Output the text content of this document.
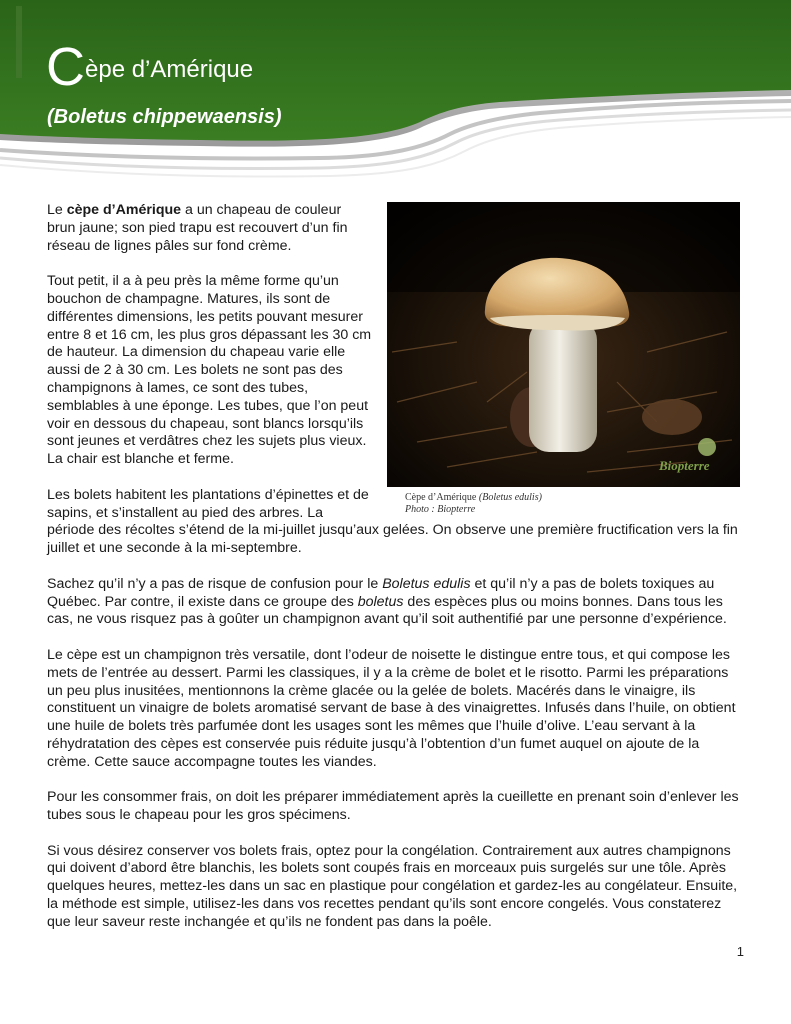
Cèpe d’Amérique

(Boletus chippewaensis)

Biopterre
Cèpe d’Amérique (Boletus edulis)
Photo : Biopterre

Le cèpe d’Amérique a un chapeau de couleur brun jaune; son pied trapu est recouvert d’un fin réseau de lignes pâles sur fond crème.

Tout petit, il a à peu près la même forme qu’un bouchon de champagne. Matures, ils sont de différentes dimensions, les petits pouvant mesurer entre 8 et 16 cm, les plus gros dépassant les 30 cm de hauteur. La dimension du chapeau varie elle aussi de 2 à 30 cm. Les bolets ne sont pas des champignons à lames, ce sont des tubes, semblables à une éponge. Les tubes, que l’on peut voir en dessous du chapeau, sont blancs lorsqu’ils sont jeunes et verdâtres chez les sujets plus vieux. La chair est blanche et ferme.

Les bolets habitent les plantations d’épinettes et de sapins, et s’installent au pied des arbres. La période des récoltes s’étend de la mi-juillet jusqu’aux gelées. On observe une première fructification vers la fin juillet et une seconde à la mi-septembre.

Sachez qu’il n’y a pas de risque de confusion pour le Boletus edulis et qu’il n’y a pas de bolets toxiques au Québec. Par contre, il existe dans ce groupe des boletus des espèces plus ou moins bonnes. Dans tous les cas, ne vous risquez pas à goûter un champignon avant qu’il soit authentifié par une personne d’expérience.

Le cèpe est un champignon très versatile, dont l’odeur de noisette le distingue entre tous, et qui compose les mets de l’entrée au dessert. Parmi les classiques, il y a la crème de bolet et le risotto. Parmi les préparations un peu plus inusitées, mentionnons la crème glacée ou la gelée de bolets. Macérés dans le vinaigre, ils constituent un vinaigre de bolets aromatisé servant de base à des vinaigrettes. Infusés dans l’huile, on obtient une huile de bolets très parfumée dont les usages sont les mêmes que l’huile d’olive. L’eau servant à la réhydratation des cèpes est conservée puis réduite jusqu’à l’obtention d’un fumet auquel on ajoute de la crème. Cette sauce accompagne toutes les viandes.

Pour les consommer frais, on doit les préparer immédiatement après la cueillette en prenant soin d’enlever les tubes sous le chapeau pour les gros spécimens.

Si vous désirez conserver vos bolets frais, optez pour la congélation. Contrairement aux autres champignons qui doivent d’abord être blanchis, les bolets sont coupés frais en morceaux puis surgelés sur une tôle. Après quelques heures, mettez-les dans un sac en plastique pour congélation et gardez-les au congélateur. Ensuite, la méthode est simple, utilisez-les dans vos recettes pendant qu’ils sont encore congelés. Vous constaterez que leur saveur reste inchangée et qu’ils ne fondent pas dans la poêle.

1
